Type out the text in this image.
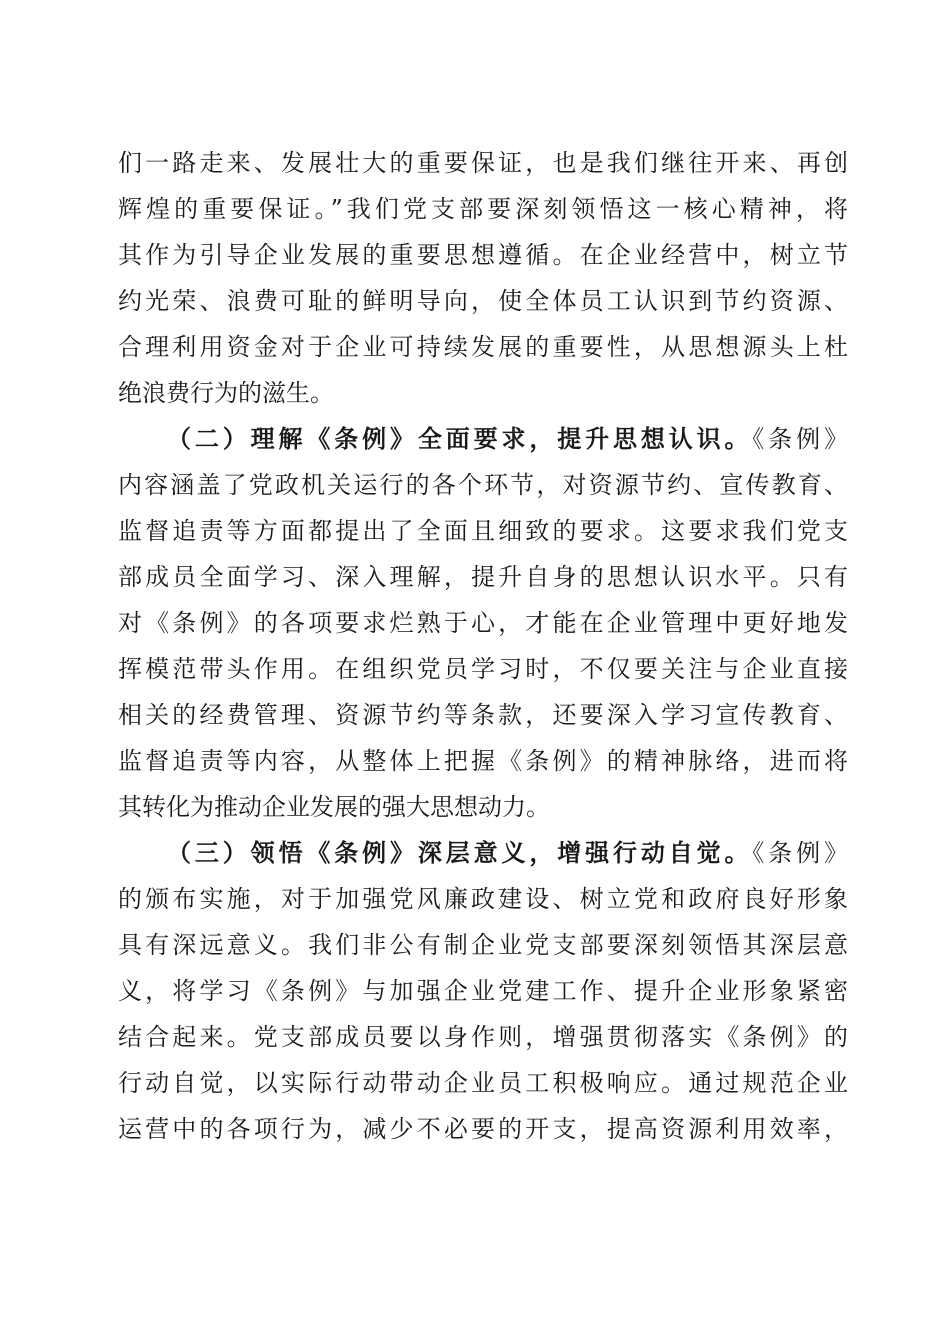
们一路走来、发展壮大的重要保证，也是我们继往开来、再创
辉煌的重要保证。”我们党支部要深刻领悟这一核心精神，将
其作为引导企业发展的重要思想遵循。在企业经营中，树立节
约光荣、浪费可耻的鲜明导向，使全体员工认识到节约资源、
合理利用资金对于企业可持续发展的重要性，从思想源头上杜
绝浪费行为的滋生。
（二）理解《条例》全面要求，提升思想认识。《条例》
内容涵盖了党政机关运行的各个环节，对资源节约、宣传教育、
监督追责等方面都提出了全面且细致的要求。这要求我们党支
部成员全面学习、深入理解，提升自身的思想认识水平。只有
对《条例》的各项要求烂熟于心，才能在企业管理中更好地发
挥模范带头作用。在组织党员学习时，不仅要关注与企业直接
相关的经费管理、资源节约等条款，还要深入学习宣传教育、
监督追责等内容，从整体上把握《条例》的精神脉络，进而将
其转化为推动企业发展的强大思想动力。
（三）领悟《条例》深层意义，增强行动自觉。《条例》
的颁布实施，对于加强党风廉政建设、树立党和政府良好形象
具有深远意义。我们非公有制企业党支部要深刻领悟其深层意
义，将学习《条例》与加强企业党建工作、提升企业形象紧密
结合起来。党支部成员要以身作则，增强贯彻落实《条例》的
行动自觉，以实际行动带动企业员工积极响应。通过规范企业
运营中的各项行为，减少不必要的开支，提高资源利用效率，
